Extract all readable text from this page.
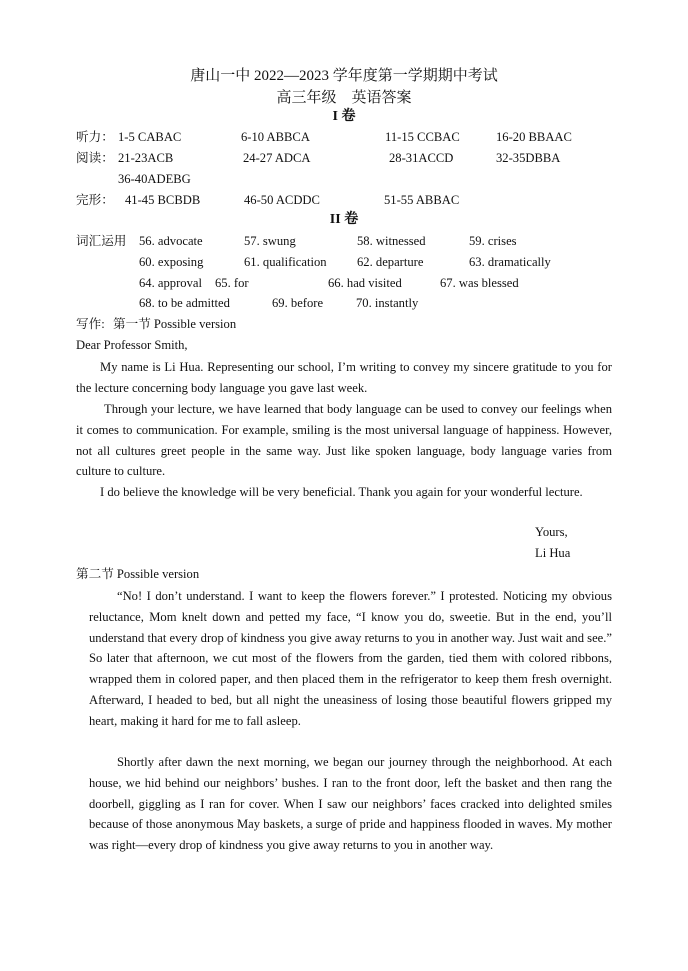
唐山一中 2022—2023 学年度第一学期期中考试
高三年级　英语答案
I 卷
听力： 1-5 CABAC	6-10 ABBCA	11-15 CCBAC	16-20 BBAAC
阅读： 21-23ACB	24-27 ADCA	28-31ACCD	32-35DBBA
36-40ADEBG
完形： 41-45 BCBDB	46-50 ACDDC	51-55 ABBAC
II 卷
词汇运用 56. advocate	57. swung	58. witnessed	59. crises
60. exposing	61. qualification 62. departure	63. dramatically
64. approval 65. for	66. had visited	67. was blessed
68. to be admitted	69. before	70. instantly
写作: 第一节 Possible version
Dear Professor Smith,
My name is Li Hua. Representing our school, I’m writing to convey my sincere gratitude to you for the lecture concerning body language you gave last week.
Through your lecture, we have learned that body language can be used to convey our feelings when it comes to communication. For example, smiling is the most universal language of happiness. However, not all cultures greet people in the same way. Just like spoken language, body language varies from culture to culture.
I do believe the knowledge will be very beneficial. Thank you again for your wonderful lecture.
Yours,
Li Hua
第二节 Possible version
“No! I don’t understand. I want to keep the flowers forever.” I protested. Noticing my obvious reluctance, Mom knelt down and petted my face, “I know you do, sweetie. But in the end, you’ll understand that every drop of kindness you give away returns to you in another way. Just wait and see.” So later that afternoon, we cut most of the flowers from the garden, tied them with colored ribbons, wrapped them in colored paper, and then placed them in the refrigerator to keep them fresh overnight. Afterward, I headed to bed, but all night the uneasiness of losing those beautiful flowers gripped my heart, making it hard for me to fall asleep.
Shortly after dawn the next morning, we began our journey through the neighborhood. At each house, we hid behind our neighbors’ bushes. I ran to the front door, left the basket and then rang the doorbell, giggling as I ran for cover. When I saw our neighbors’ faces cracked into delighted smiles because of those anonymous May baskets, a surge of pride and happiness flooded in waves. My mother was right—every drop of kindness you give away returns to you in another way.
